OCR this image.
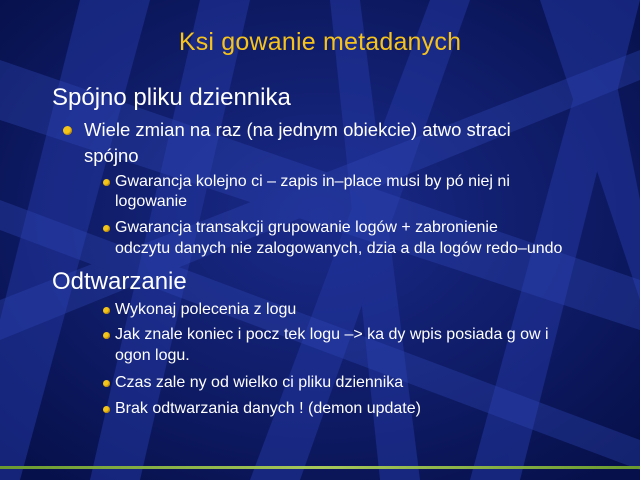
Ksi gowanie metadanych
Spójno pliku dziennika
Wiele zmian na raz (na jednym obiekcie) atwo straci
spójno
Gwarancja kolejno ci – zapis in–place musi by pó niej ni
logowanie
Gwarancja transakcji grupowanie logów + zabronienie
odczytu danych nie zalogowanych, dzia a dla logów redo–undo
Odtwarzanie
Wykonaj polecenia z logu
Jak znale koniec i pocz tek logu –> ka dy wpis posiada g ow i
ogon logu.
Czas zale ny od wielko ci pliku dziennika
Brak odtwarzania danych ! (demon update)
